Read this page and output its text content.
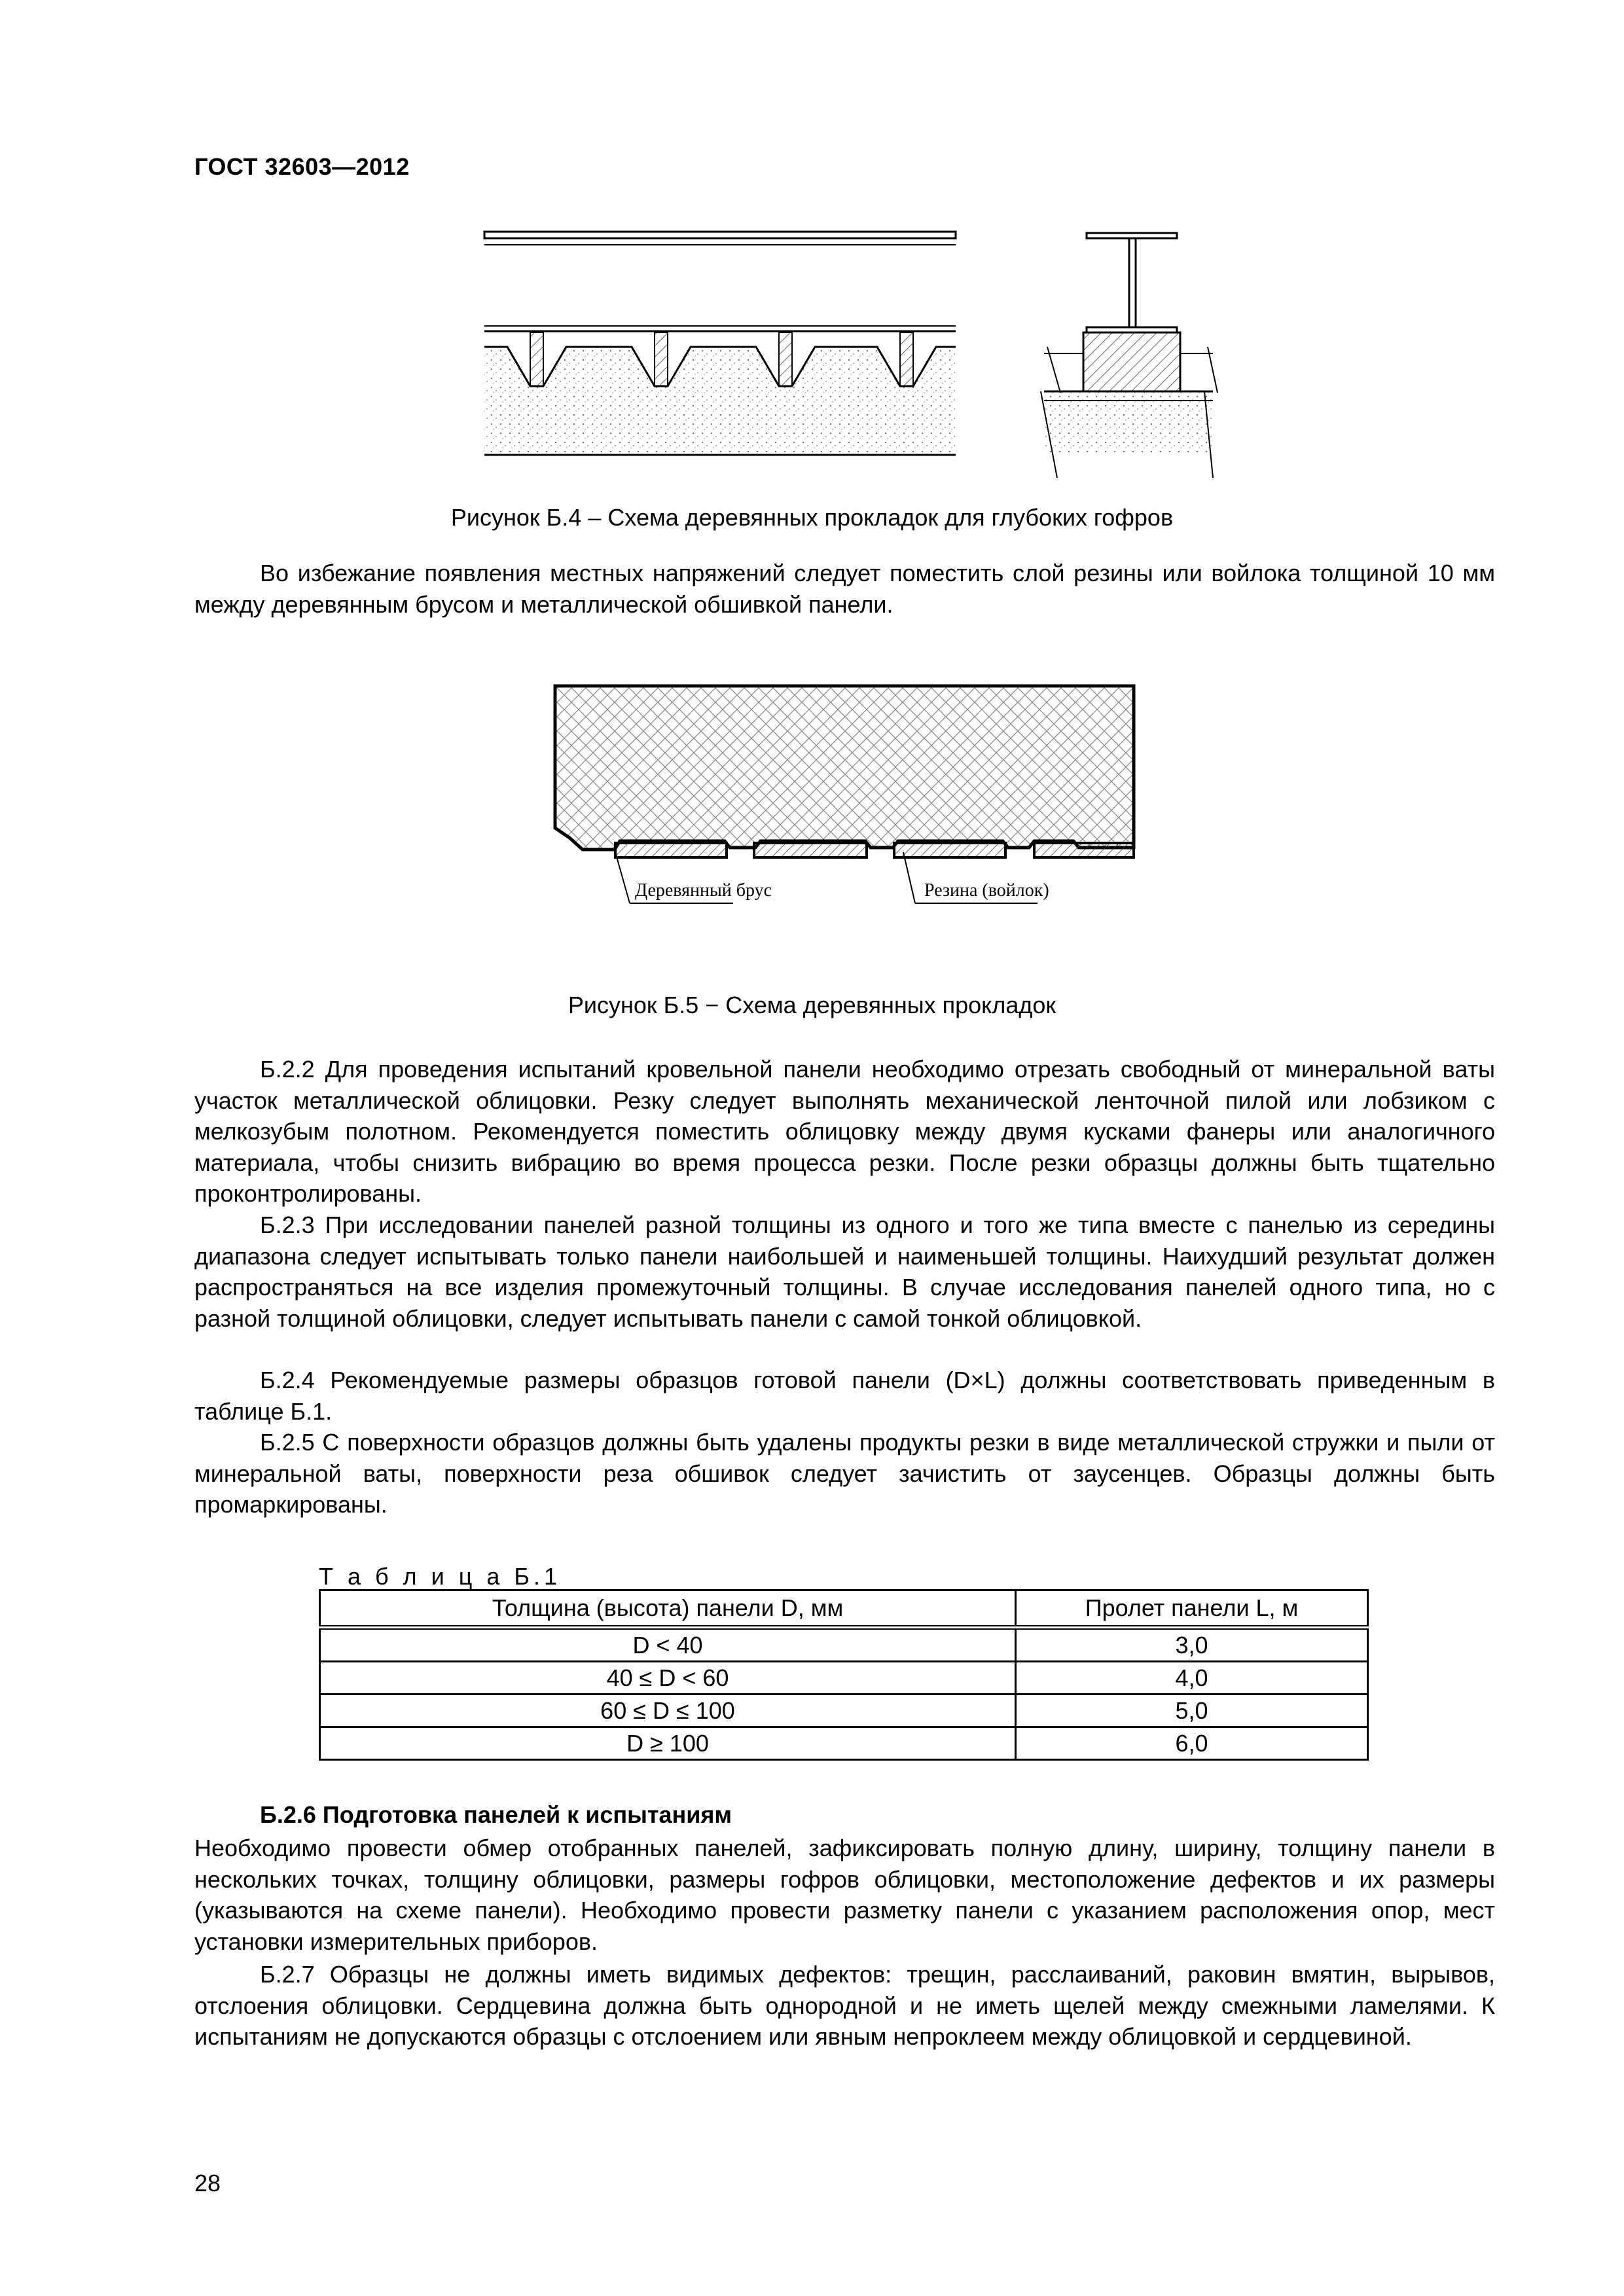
ГОСТ 32603—2012
Рисунок Б.4 – Схема деревянных прокладок для глубоких гофров
Во избежание появления местных напряжений следует поместить слой резины или войлока толщиной 10 мм между деревянным брусом и металлической обшивкой панели.
Деревянный брус	Резина (войлок)
Рисунок Б.5 − Схема деревянных прокладок
Б.2.2 Для проведения испытаний кровельной панели необходимо отрезать свободный от минеральной ваты участок металлической облицовки. Резку следует выполнять механической ленточной пилой или лобзиком с мелкозубым полотном. Рекомендуется поместить облицовку между двумя кусками фанеры или аналогичного материала, чтобы снизить вибрацию во время процесса резки. После резки образцы должны быть тщательно проконтролированы.
Б.2.3 При исследовании панелей разной толщины из одного и того же типа вместе с панелью из середины диапазона следует испытывать только панели наибольшей и наименьшей толщины. Наихудший результат должен распространяться на все изделия промежуточный толщины. В случае исследования панелей одного типа, но с разной толщиной облицовки, следует испытывать панели с самой тонкой облицовкой.
Б.2.4 Рекомендуемые размеры образцов готовой панели (D×L) должны соответствовать приведенным в таблице Б.1.
Б.2.5 С поверхности образцов должны быть удалены продукты резки в виде металлической стружки и пыли от минеральной ваты, поверхности реза обшивок следует зачистить от заусенцев. Образцы должны быть промаркированы.
Т а б л и ц а Б.1
Толщина (высота) панели D, мм	Пролет панели L, м
D < 40	3,0
40 ≤ D < 60	4,0
60 ≤ D ≤ 100	5,0
D ≥ 100	6,0
Б.2.6 Подготовка панелей к испытаниям
Необходимо провести обмер отобранных панелей, зафиксировать полную длину, ширину, толщину панели в нескольких точках, толщину облицовки, размеры гофров облицовки, местоположение дефектов и их размеры (указываются на схеме панели). Необходимо провести разметку панели с указанием расположения опор, мест установки измерительных приборов.
Б.2.7 Образцы не должны иметь видимых дефектов: трещин, расслаиваний, раковин вмятин, вырывов, отслоения облицовки. Сердцевина должна быть однородной и не иметь щелей между смежными ламелями. К испытаниям не допускаются образцы с отслоением или явным непроклеем между облицовкой и сердцевиной.
28
